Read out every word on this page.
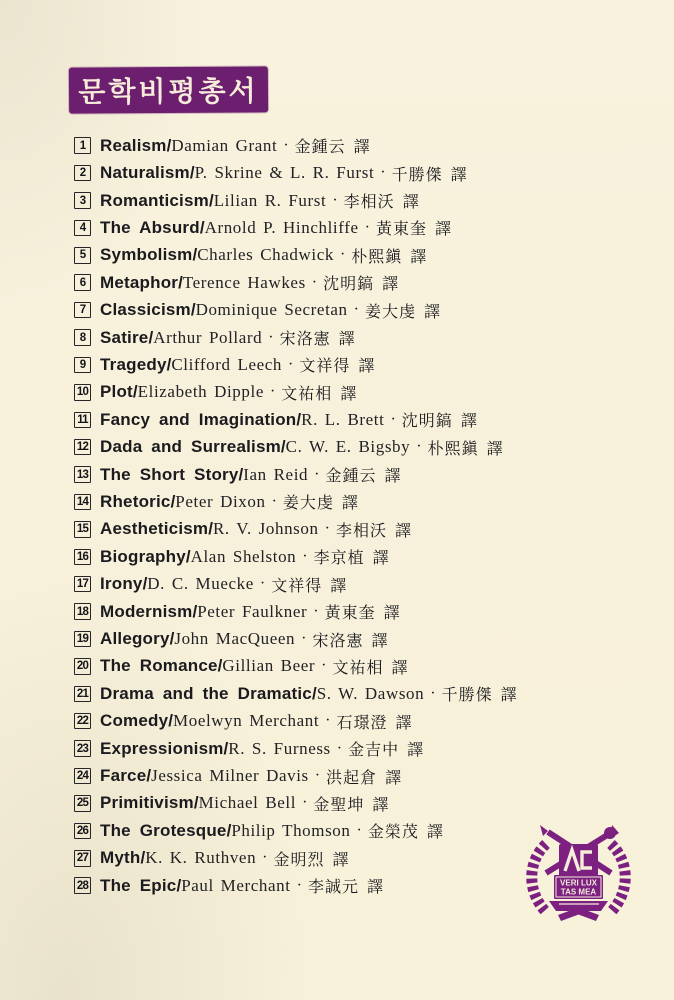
문학비평총서
1 Realism / Damian Grant · 金鍾云 譯
2 Naturalism / P. Skrine & L. R. Furst · 千勝傑 譯
3 Romanticism / Lilian R. Furst · 李相沃 譯
4 The Absurd / Arnold P. Hinchliffe · 黃東奎 譯
5 Symbolism / Charles Chadwick · 朴熙鎭 譯
6 Metaphor / Terence Hawkes · 沈明鎬 譯
7 Classicism / Dominique Secretan · 姜大虔 譯
8 Satire / Arthur Pollard · 宋洛憲 譯
9 Tragedy / Clifford Leech · 文祥得 譯
10 Plot / Elizabeth Dipple · 文祐相 譯
11 Fancy and Imagination / R. L. Brett · 沈明鎬 譯
12 Dada and Surrealism / C. W. E. Bigsby · 朴熙鎭 譯
13 The Short Story / Ian Reid · 金鍾云 譯
14 Rhetoric / Peter Dixon · 姜大虔 譯
15 Aestheticism / R. V. Johnson · 李相沃 譯
16 Biography / Alan Shelston · 李京植 譯
17 Irony / D. C. Muecke · 文祥得 譯
18 Modernism / Peter Faulkner · 黃東奎 譯
19 Allegory / John MacQueen · 宋洛憲 譯
20 The Romance / Gillian Beer · 文祐相 譯
21 Drama and the Dramatic / S. W. Dawson · 千勝傑 譯
22 Comedy / Moelwyn Merchant · 石璟澄 譯
23 Expressionism / R. S. Furness · 金吉中 譯
24 Farce / Jessica Milner Davis · 洪起倉 譯
25 Primitivism / Michael Bell · 金聖坤 譯
26 The Grotesque / Philip Thomson · 金榮茂 譯
27 Myth / K. K. Ruthven · 金明烈 譯
28 The Epic / Paul Merchant · 李誠元 譯	VERI LUX
TAS MEA
